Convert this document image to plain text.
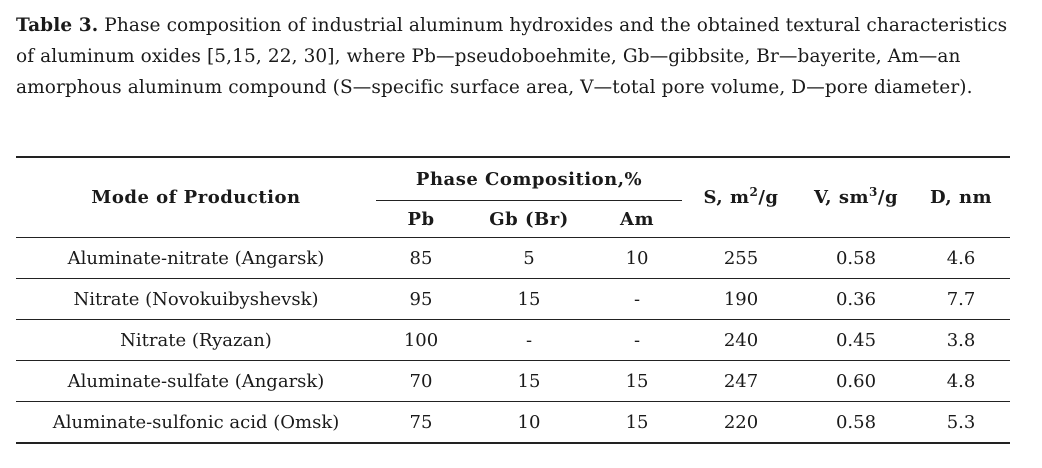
Table 3. Phase composition of industrial aluminum hydroxides and the obtained textural characteristics of aluminum oxides [5,15, 22, 30], where Pb—pseudoboehmite, Gb—gibbsite, Br—bayerite, Am—an amorphous aluminum compound (S—specific surface area, V—total pore volume, D—pore diameter).
Mode of Production	Phase Composition,%			S, $m^2/g$	V, $sm^3/g$	D, nm
	Pb	Gb (Br)	Am			
Aluminate-nitrate (Angarsk)	85	5	10	255	0.58	4.6
Nitrate (Novokuibyshevsk)	95	15	-	190	0.36	7.7
Nitrate (Ryazan)	100	-	-	240	0.45	3.8
Aluminate-sulfate (Angarsk)	70	15	15	247	0.60	4.8
Aluminate-sulfonic acid (Omsk)	75	10	15	220	0.58	5.3
